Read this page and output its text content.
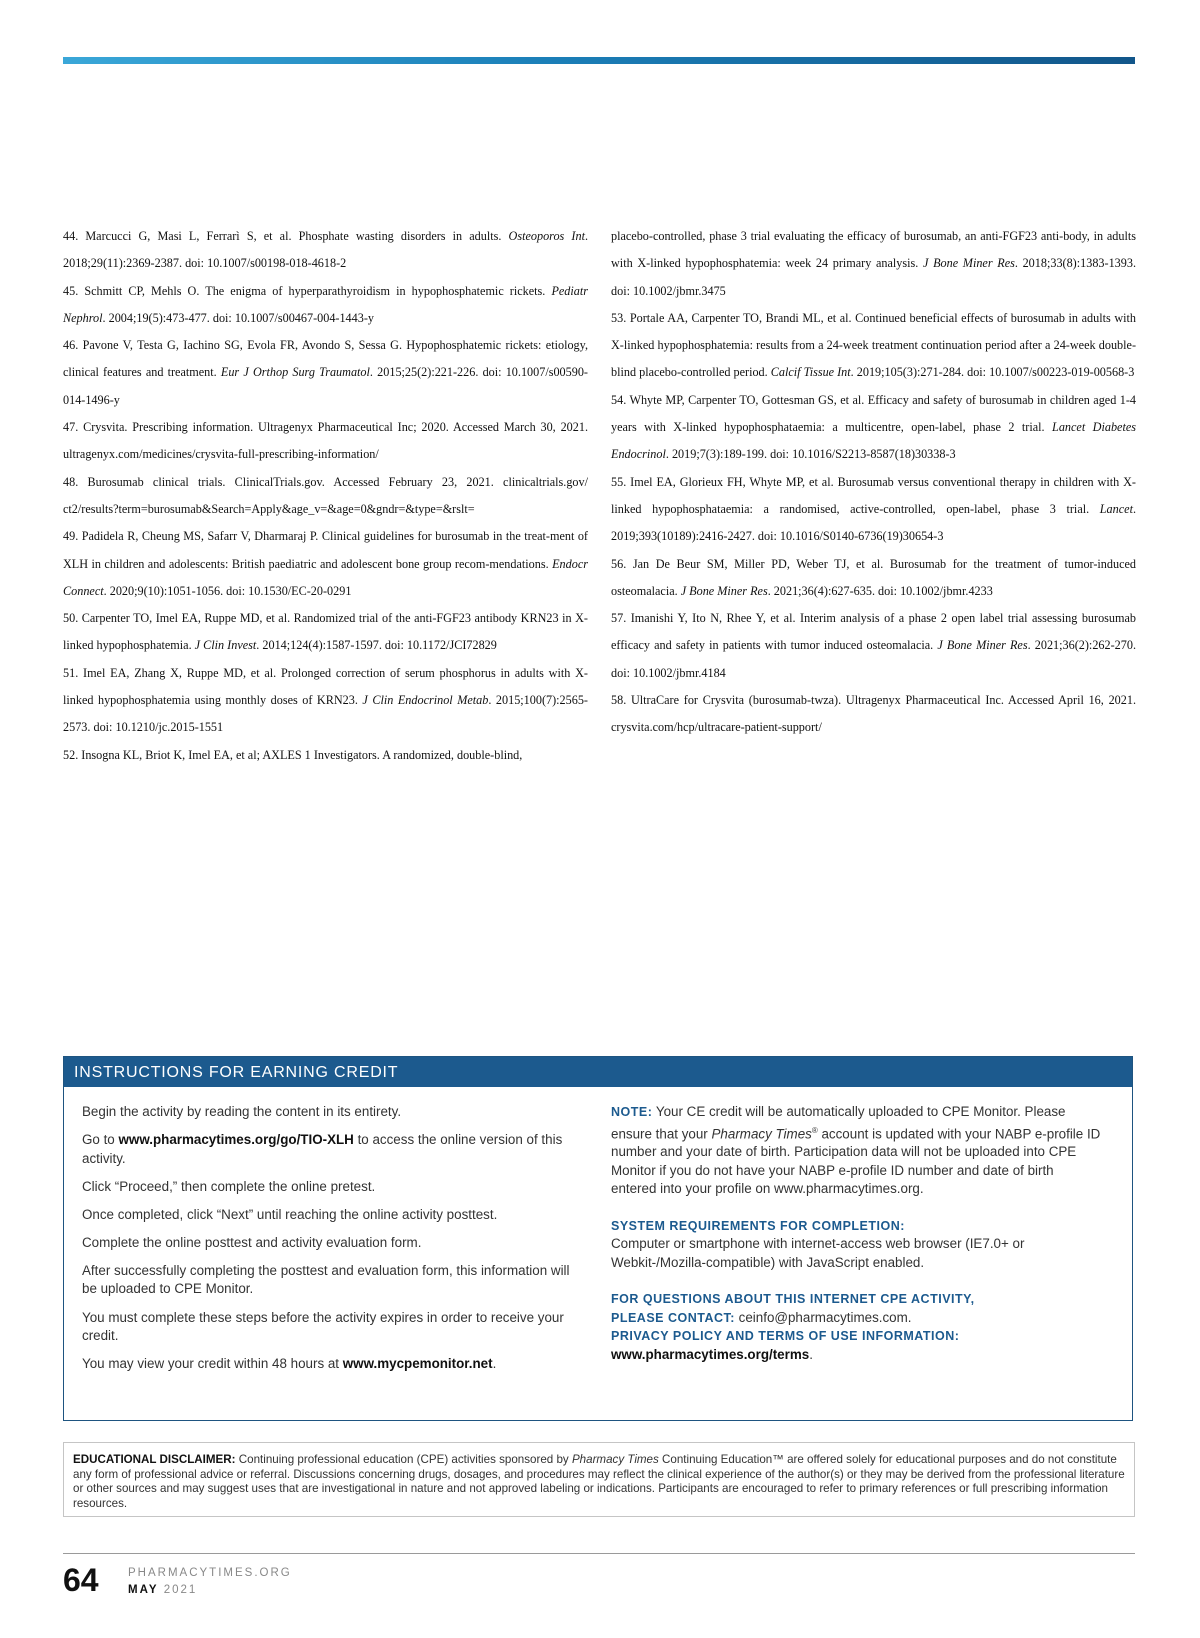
44. Marcucci G, Masi L, Ferrarì S, et al. Phosphate wasting disorders in adults. Osteoporos Int. 2018;29(11):2369-2387. doi: 10.1007/s00198-018-4618-2

45. Schmitt CP, Mehls O. The enigma of hyperparathyroidism in hypophosphatemic rickets. Pediatr Nephrol. 2004;19(5):473-477. doi: 10.1007/s00467-004-1443-y

46. Pavone V, Testa G, Iachino SG, Evola FR, Avondo S, Sessa G. Hypophosphatemic rickets: etiology, clinical features and treatment. Eur J Orthop Surg Traumatol. 2015;25(2):221-226. doi: 10.1007/s00590-014-1496-y

47. Crysvita. Prescribing information. Ultragenyx Pharmaceutical Inc; 2020. Accessed March 30, 2021. ultragenyx.com/medicines/crysvita-full-prescribing-information/

48. Burosumab clinical trials. ClinicalTrials.gov. Accessed February 23, 2021. clinicaltrials.gov/ ct2/results?term=burosumab&Search=Apply&age_v=&age=0&gndr=&type=&rslt=

49. Padidela R, Cheung MS, Safarr V, Dharmaraj P. Clinical guidelines for burosumab in the treat-ment of XLH in children and adolescents: British paediatric and adolescent bone group recom-mendations. Endocr Connect. 2020;9(10):1051-1056. doi: 10.1530/EC-20-0291

50. Carpenter TO, Imel EA, Ruppe MD, et al. Randomized trial of the anti-FGF23 antibody KRN23 in X-linked hypophosphatemia. J Clin Invest. 2014;124(4):1587-1597. doi: 10.1172/JCI72829

51. Imel EA, Zhang X, Ruppe MD, et al. Prolonged correction of serum phosphorus in adults with X-linked hypophosphatemia using monthly doses of KRN23. J Clin Endocrinol Metab. 2015;100(7):2565-2573. doi: 10.1210/jc.2015-1551

52. Insogna KL, Briot K, Imel EA, et al; AXLES 1 Investigators. A randomized, double-blind,

placebo-controlled, phase 3 trial evaluating the efficacy of burosumab, an anti-FGF23 anti-body, in adults with X-linked hypophosphatemia: week 24 primary analysis. J Bone Miner Res. 2018;33(8):1383-1393. doi: 10.1002/jbmr.3475

53. Portale AA, Carpenter TO, Brandi ML, et al. Continued beneficial effects of burosumab in adults with X-linked hypophosphatemia: results from a 24-week treatment continuation period after a 24-week double-blind placebo-controlled period. Calcif Tissue Int. 2019;105(3):271-284. doi: 10.1007/s00223-019-00568-3

54. Whyte MP, Carpenter TO, Gottesman GS, et al. Efficacy and safety of burosumab in children aged 1-4 years with X-linked hypophosphataemia: a multicentre, open-label, phase 2 trial. Lancet Diabetes Endocrinol. 2019;7(3):189-199. doi: 10.1016/S2213-8587(18)30338-3

55. Imel EA, Glorieux FH, Whyte MP, et al. Burosumab versus conventional therapy in children with X-linked hypophosphataemia: a randomised, active-controlled, open-label, phase 3 trial. Lancet. 2019;393(10189):2416-2427. doi: 10.1016/S0140-6736(19)30654-3

56. Jan De Beur SM, Miller PD, Weber TJ, et al. Burosumab for the treatment of tumor-induced osteomalacia. J Bone Miner Res. 2021;36(4):627-635. doi: 10.1002/jbmr.4233

57. Imanishi Y, Ito N, Rhee Y, et al. Interim analysis of a phase 2 open label trial assessing burosumab efficacy and safety in patients with tumor induced osteomalacia. J Bone Miner Res. 2021;36(2):262-270. doi: 10.1002/jbmr.4184

58. UltraCare for Crysvita (burosumab-twza). Ultragenyx Pharmaceutical Inc. Accessed April 16, 2021. crysvita.com/hcp/ultracare-patient-support/

INSTRUCTIONS FOR EARNING CREDIT

Begin the activity by reading the content in its entirety.

Go to www.pharmacytimes.org/go/TIO-XLH to access the online version of this activity.

Click “Proceed,” then complete the online pretest.

Once completed, click “Next” until reaching the online activity posttest.

Complete the online posttest and activity evaluation form.

After successfully completing the posttest and evaluation form, this information will be uploaded to CPE Monitor.

You must complete these steps before the activity expires in order to receive your credit.

You may view your credit within 48 hours at www.mycpemonitor.net.

NOTE: Your CE credit will be automatically uploaded to CPE Monitor. Please ensure that your Pharmacy Times® account is updated with your NABP e-profile ID number and your date of birth. Participation data will not be uploaded into CPE Monitor if you do not have your NABP e-profile ID number and date of birth entered into your profile on www.pharmacytimes.org.

SYSTEM REQUIREMENTS FOR COMPLETION:

Computer or smartphone with internet-access web browser (IE7.0+ or Webkit-/Mozilla-compatible) with JavaScript enabled.

FOR QUESTIONS ABOUT THIS INTERNET CPE ACTIVITY,

PLEASE CONTACT: ceinfo@pharmacytimes.com.

PRIVACY POLICY AND TERMS OF USE INFORMATION:

www.pharmacytimes.org/terms.

EDUCATIONAL DISCLAIMER: Continuing professional education (CPE) activities sponsored by Pharmacy Times Continuing Education™ are offered solely for educational purposes and do not constitute any form of professional advice or referral. Discussions concerning drugs, dosages, and procedures may reflect the clinical experience of the author(s) or they may be derived from the professional literature or other sources and may suggest uses that are investigational in nature and not approved labeling or indications. Participants are encouraged to refer to primary references or full prescribing information resources.
64	PHARMACYTIMES.ORG
MAY 2021
